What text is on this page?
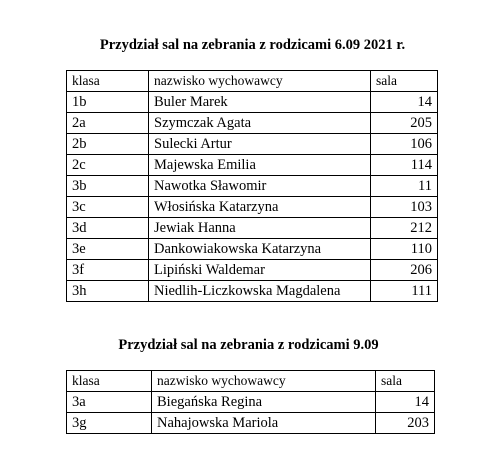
Przydział sal na zebrania z rodzicami 6.09 2021 r.
klasa	nazwisko wychowawcy	sala
1b	Buler Marek	14
2a	Szymczak Agata	205
2b	Sulecki Artur	106
2c	Majewska Emilia	114
3b	Nawotka Sławomir	11
3c	Włosińska Katarzyna	103
3d	Jewiak Hanna	212
3e	Dankowiakowska Katarzyna	110
3f	Lipiński Waldemar	206
3h	Niedlih-Liczkowska Magdalena	111
Przydział sal na zebrania z rodzicami 9.09
klasa	nazwisko wychowawcy	sala
3a	Biegańska Regina	14
3g	Nahajowska Mariola	203
